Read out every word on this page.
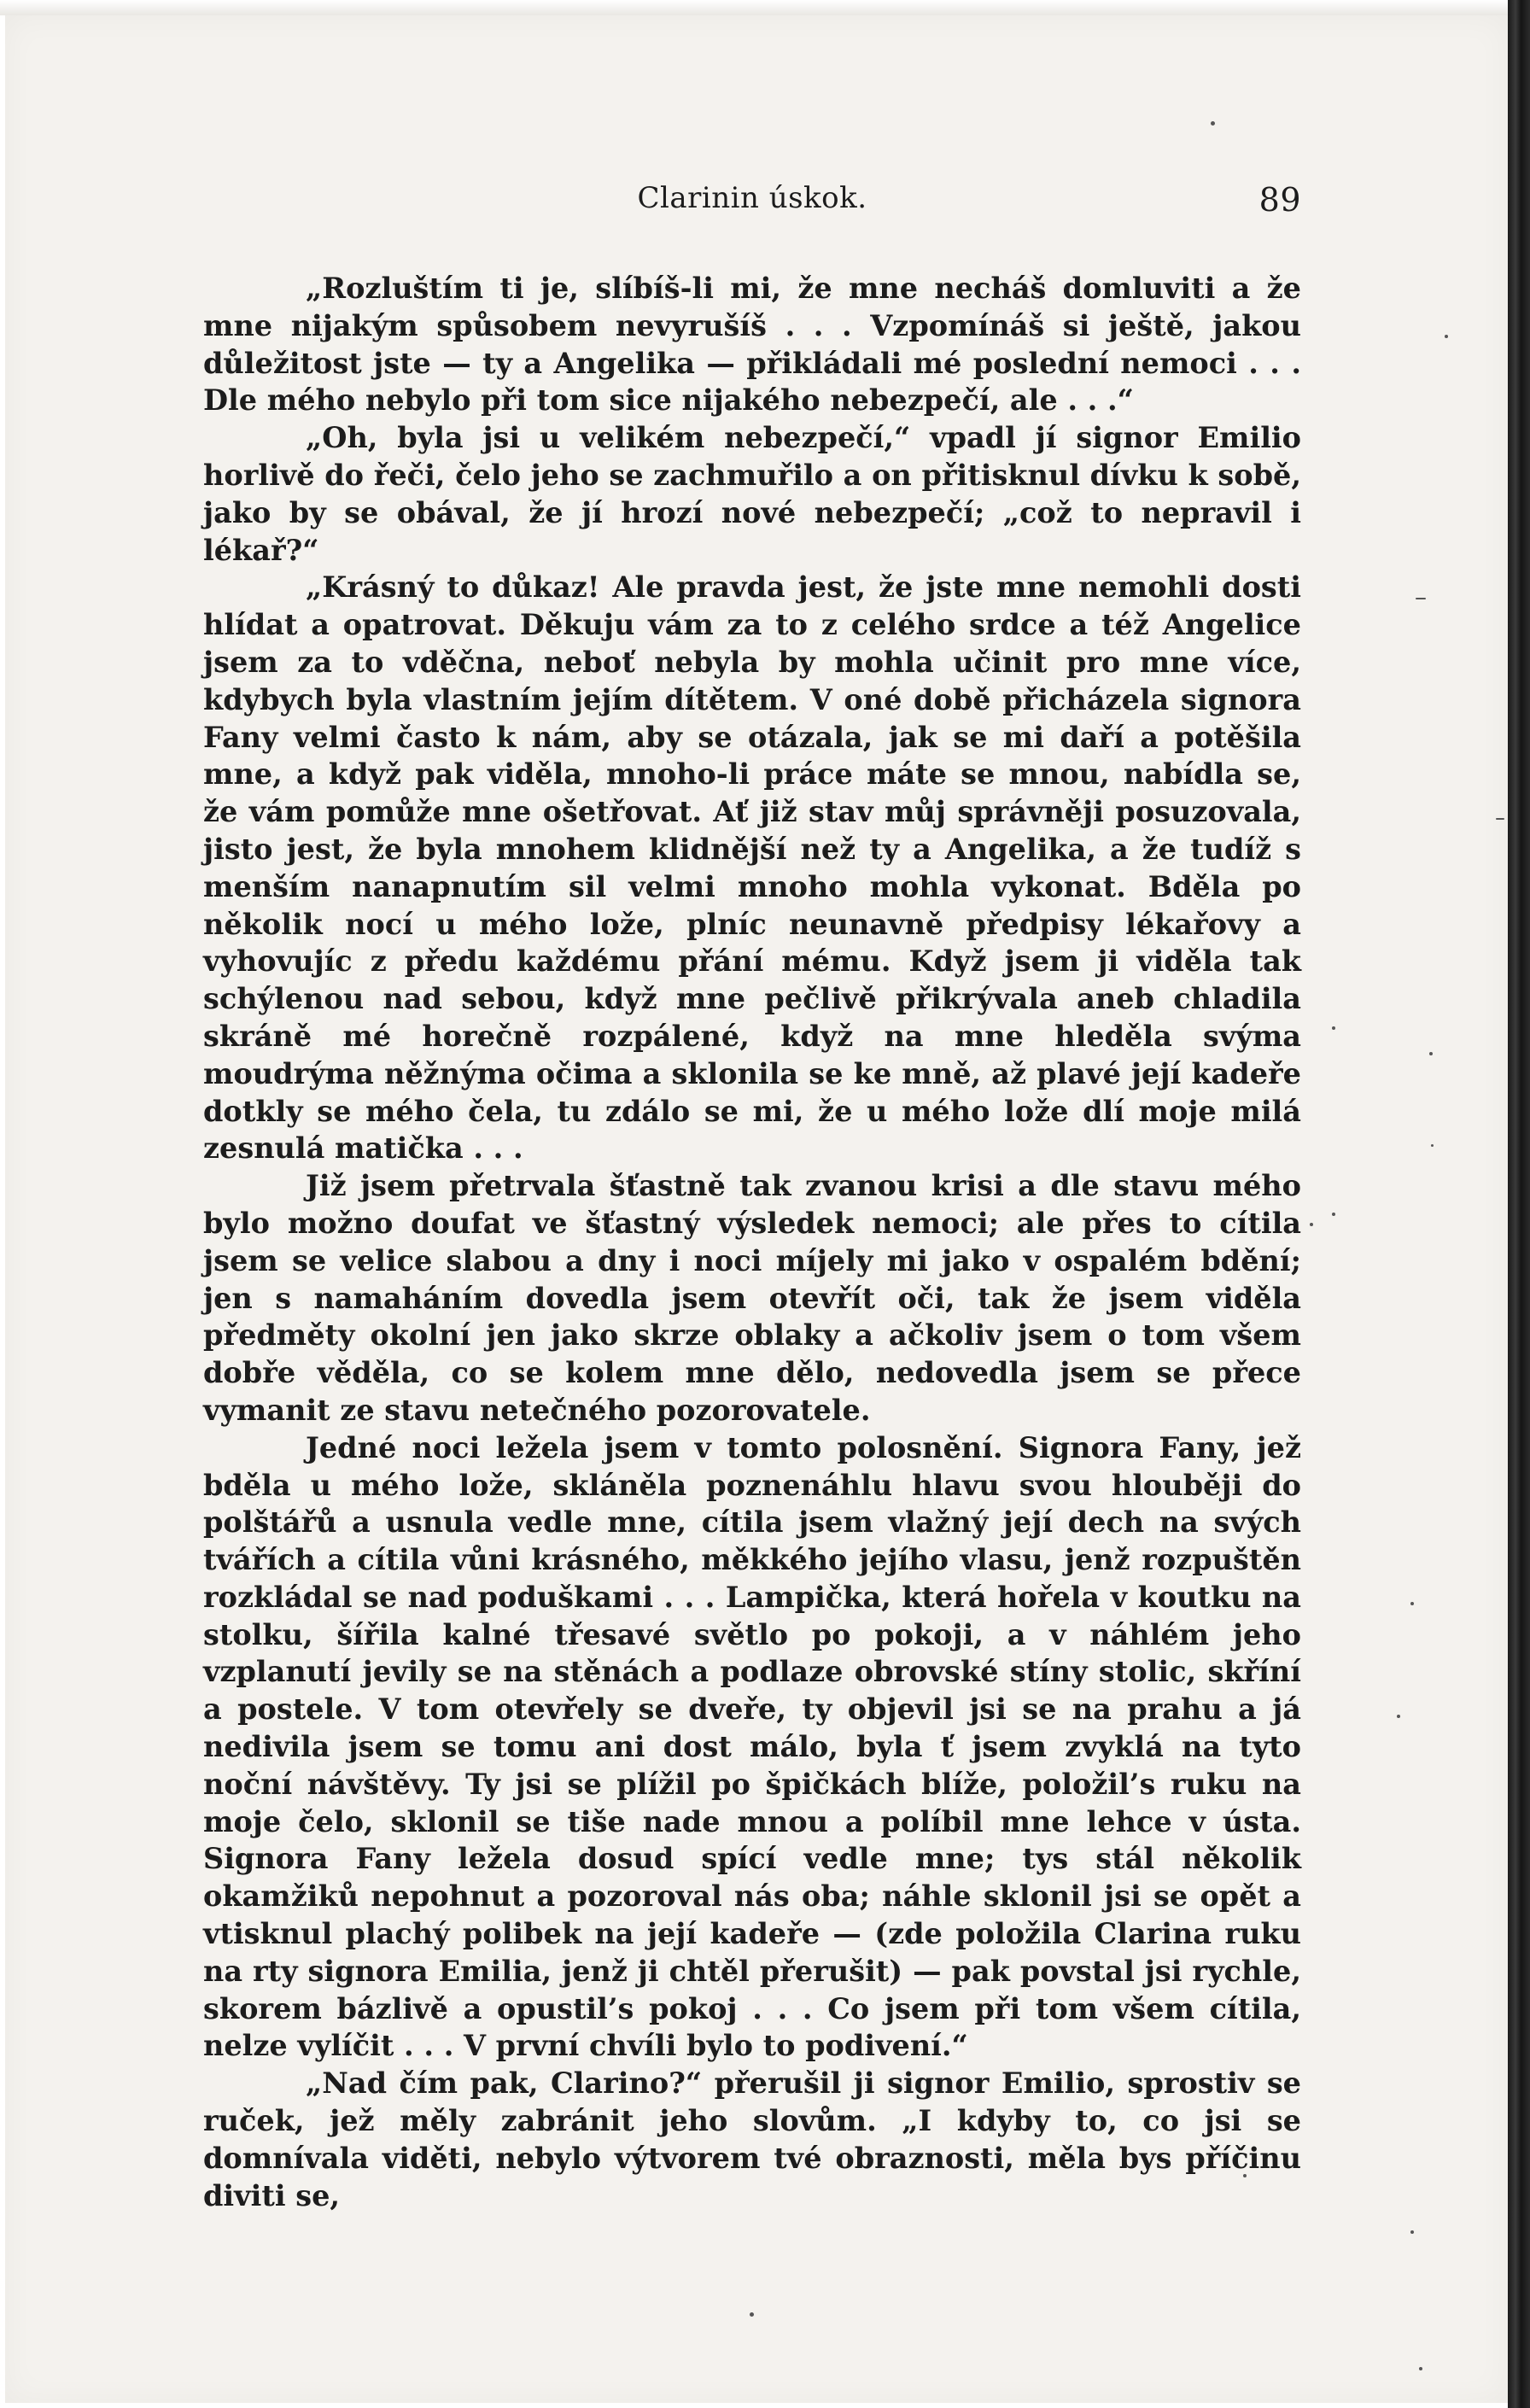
Clarinin úskok.	89

„Rozluštím ti je, slíbíš-li mi, že mne necháš domluviti a že mne nijakým spůsobem nevyrušíš . . . Vzpomínáš si ještě, jakou důležitost jste — ty a Angelika — přikládali mé poslední nemoci . . . Dle mého nebylo při tom sice nijakého nebezpečí, ale . . .“

„Oh, byla jsi u velikém nebezpečí,“ vpadl jí signor Emilio horlivě do řeči, čelo jeho se zachmuřilo a on přitisknul dívku k sobě, jako by se obával, že jí hrozí nové nebezpečí; „což to nepravil i lékař?“

„Krásný to důkaz! Ale pravda jest, že jste mne nemohli dosti hlídat a opatrovat. Děkuju vám za to z celého srdce a též Angelice jsem za to vděčna, neboť nebyla by mohla učinit pro mne více, kdybych byla vlastním jejím dítětem. V oné době přicházela signora Fany velmi často k nám, aby se otázala, jak se mi daří a potěšila mne, a když pak viděla, mnoho-li práce máte se mnou, nabídla se, že vám pomůže mne ošetřovat. Ať již stav můj správněji posuzovala, jisto jest, že byla mnohem klidnější než ty a Angelika, a že tudíž s menším nanapnutím sil velmi mnoho mohla vykonat. Bděla po několik nocí u mého lože, plníc neunavně předpisy lékařovy a vyhovujíc z předu každému přání mému. Když jsem ji viděla tak schýlenou nad sebou, když mne pečlivě přikrývala aneb chladila skráně mé horečně rozpálené, když na mne hleděla svýma moudrýma něžnýma očima a sklonila se ke mně, až plavé její kadeře dotkly se mého čela, tu zdálo se mi, že u mého lože dlí moje milá zesnulá matička . . .

Již jsem přetrvala šťastně tak zvanou krisi a dle stavu mého bylo možno doufat ve šťastný výsledek nemoci; ale přes to cítila jsem se velice slabou a dny i noci míjely mi jako v ospalém bdění; jen s namaháním dovedla jsem otevřít oči, tak že jsem viděla předměty okolní jen jako skrze oblaky a ačkoliv jsem o tom všem dobře věděla, co se kolem mne dělo, nedovedla jsem se přece vymanit ze stavu netečného pozorovatele.

Jedné noci ležela jsem v tomto polosnění. Signora Fany, jež bděla u mého lože, skláněla poznenáhlu hlavu svou hlouběji do polštářů a usnula vedle mne, cítila jsem vlažný její dech na svých tvářích a cítila vůni krásného, měkkého jejího vlasu, jenž rozpuštěn rozkládal se nad poduškami . . . Lampička, která hořela v koutku na stolku, šířila kalné třesavé světlo po pokoji, a v náhlém jeho vzplanutí jevily se na stěnách a podlaze obrovské stíny stolic, skříní a postele. V tom otevřely se dveře, ty objevil jsi se na prahu a já nedivila jsem se tomu ani dost málo, byla ť jsem zvyklá na tyto noční návštěvy. Ty jsi se plížil po špičkách blíže, položil’s ruku na moje čelo, sklonil se tiše nade mnou a políbil mne lehce v ústa. Signora Fany ležela dosud spící vedle mne; tys stál několik okamžiků nepohnut a pozoroval nás oba; náhle sklonil jsi se opět a vtisknul plachý polibek na její kadeře — (zde položila Clarina ruku na rty signora Emilia, jenž ji chtěl přerušit) — pak povstal jsi rychle, skorem bázlivě a opustil’s pokoj . . . Co jsem při tom všem cítila, nelze vylíčit . . . V první chvíli bylo to podivení.“

„Nad čím pak, Clarino?“ přerušil ji signor Emilio, sprostiv se ruček, jež měly zabránit jeho slovům. „I kdyby to, co jsi se domnívala viděti, nebylo výtvorem tvé obraznosti, měla bys příčinu diviti se,
